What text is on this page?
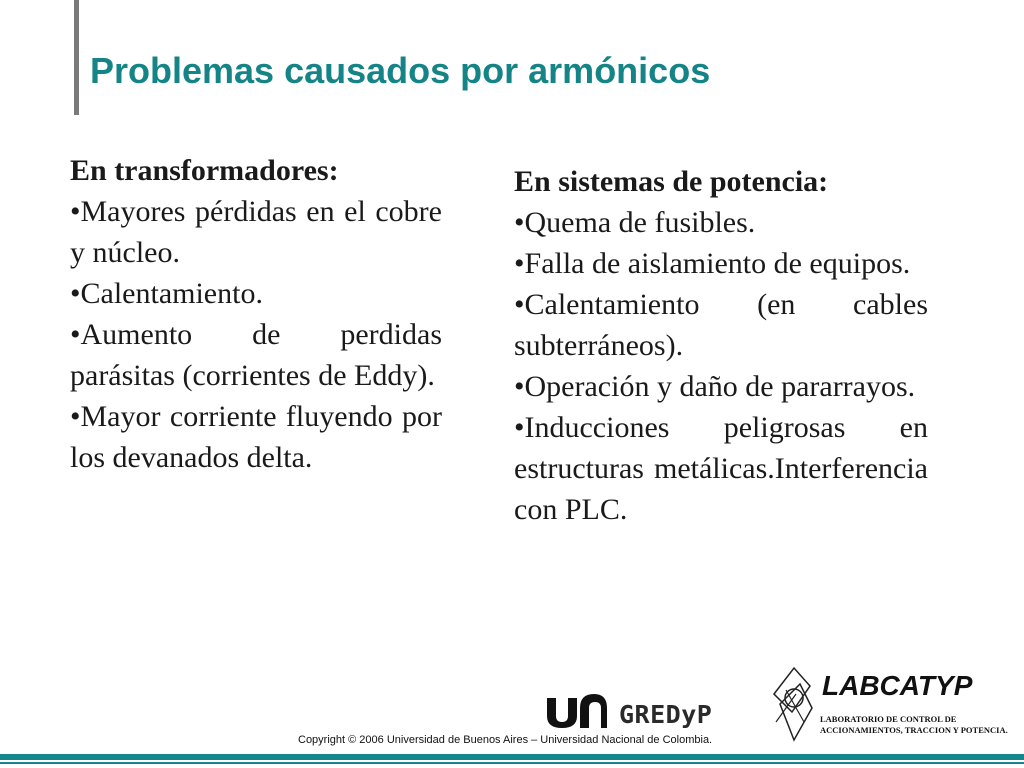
Problemas causados por armónicos

En transformadores:

•Mayores pérdidas en el cobre y núcleo.

•Calentamiento.

•Aumento de perdidas parásitas (corrientes de Eddy).

•Mayor corriente fluyendo por los devanados delta.

En sistemas de potencia:

•Quema de fusibles.

•Falla de aislamiento de equipos.

•Calentamiento (en cables subterráneos).

•Operación y daño de pararrayos.

•Inducciones peligrosas en estructuras metálicas.Interferencia con PLC.

GREDyP
Copyright © 2006 Universidad de Buenos Aires – Universidad Nacional de Colombia.
LABCATYP
LABORATORIO DE CONTROL DE
ACCIONAMIENTOS, TRACCION Y POTENCIA.
